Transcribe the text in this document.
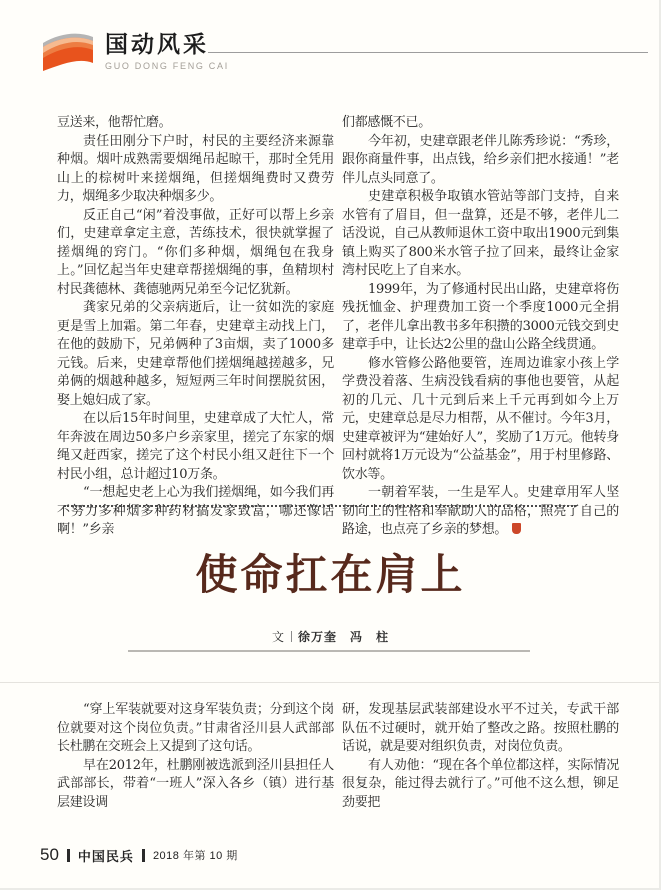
国动风采
GUO DONG FENG CAI

豆送来，他帮忙磨。

责任田刚分下户时，村民的主要经济来源靠种烟。烟叶成熟需要烟绳吊起晾干，那时全凭用山上的棕树叶来搓烟绳，但搓烟绳费时又费劳力，烟绳多少取决种烟多少。

反正自己“闲”着没事做，正好可以帮上乡亲们，史建章拿定主意，苦练技术，很快就掌握了搓烟绳的窍门。“你们多种烟，烟绳包在我身上。”回忆起当年史建章帮搓烟绳的事，鱼精坝村村民龚德林、龚德驰两兄弟至今记忆犹新。

龚家兄弟的父亲病逝后，让一贫如洗的家庭更是雪上加霜。第二年春，史建章主动找上门，在他的鼓励下，兄弟俩种了3亩烟，卖了1000多元钱。后来，史建章帮他们搓烟绳越搓越多，兄弟俩的烟越种越多，短短两三年时间摆脱贫困，娶上媳妇成了家。

在以后15年时间里，史建章成了大忙人，常年奔波在周边50多户乡亲家里，搓完了东家的烟绳又赶西家，搓完了这个村民小组又赶往下一个村民小组，总计超过10万条。

“一想起史老上心为我们搓烟绳，如今我们再不努力多种烟多种药材搞发家致富，哪还像话啊！”乡亲

们都感慨不已。

今年初，史建章跟老伴儿陈秀珍说：“秀珍，跟你商量件事，出点钱，给乡亲们把水接通！”老伴儿点头同意了。

史建章积极争取镇水管站等部门支持，自来水管有了眉目，但一盘算，还是不够，老伴儿二话没说，自己从教师退休工资中取出1900元到集镇上购买了800米水管子拉了回来，最终让金家湾村民吃上了自来水。

1999年，为了修通村民出山路，史建章将伤残抚恤金、护理费加工资一个季度1000元全捐了，老伴儿拿出教书多年积攒的3000元钱交到史建章手中，让长达2公里的盘山公路全线贯通。

修水管修公路他要管，连周边谁家小孩上学学费没着落、生病没钱看病的事他也要管，从起初的几元、几十元到后来上千元再到如今上万元，史建章总是尽力相帮，从不催讨。今年3月，史建章被评为“建始好人”，奖励了1万元。他转身回村就将1万元设为“公益基金”，用于村里修路、饮水等。

一朝着军装，一生是军人。史建章用军人坚韧向上的性格和奉献助人的品格，照亮了自己的路途，也点亮了乡亲的梦想。

使命扛在肩上
文 徐万奎　冯　柱

“穿上军装就要对这身军装负责；分到这个岗位就要对这个岗位负责。”甘肃省泾川县人武部部长杜鹏在交班会上又提到了这句话。

早在2012年，杜鹏刚被选派到泾川县担任人武部部长，带着“一班人”深入各乡（镇）进行基层建设调

研，发现基层武装部建设水平不过关，专武干部队伍不过硬时，就开始了整改之路。按照杜鹏的话说，就是要对组织负责，对岗位负责。

有人劝他：“现在各个单位都这样，实际情况很复杂，能过得去就行了。”可他不这么想，铆足劲要把

50 中国民兵 2018 年第 10 期
